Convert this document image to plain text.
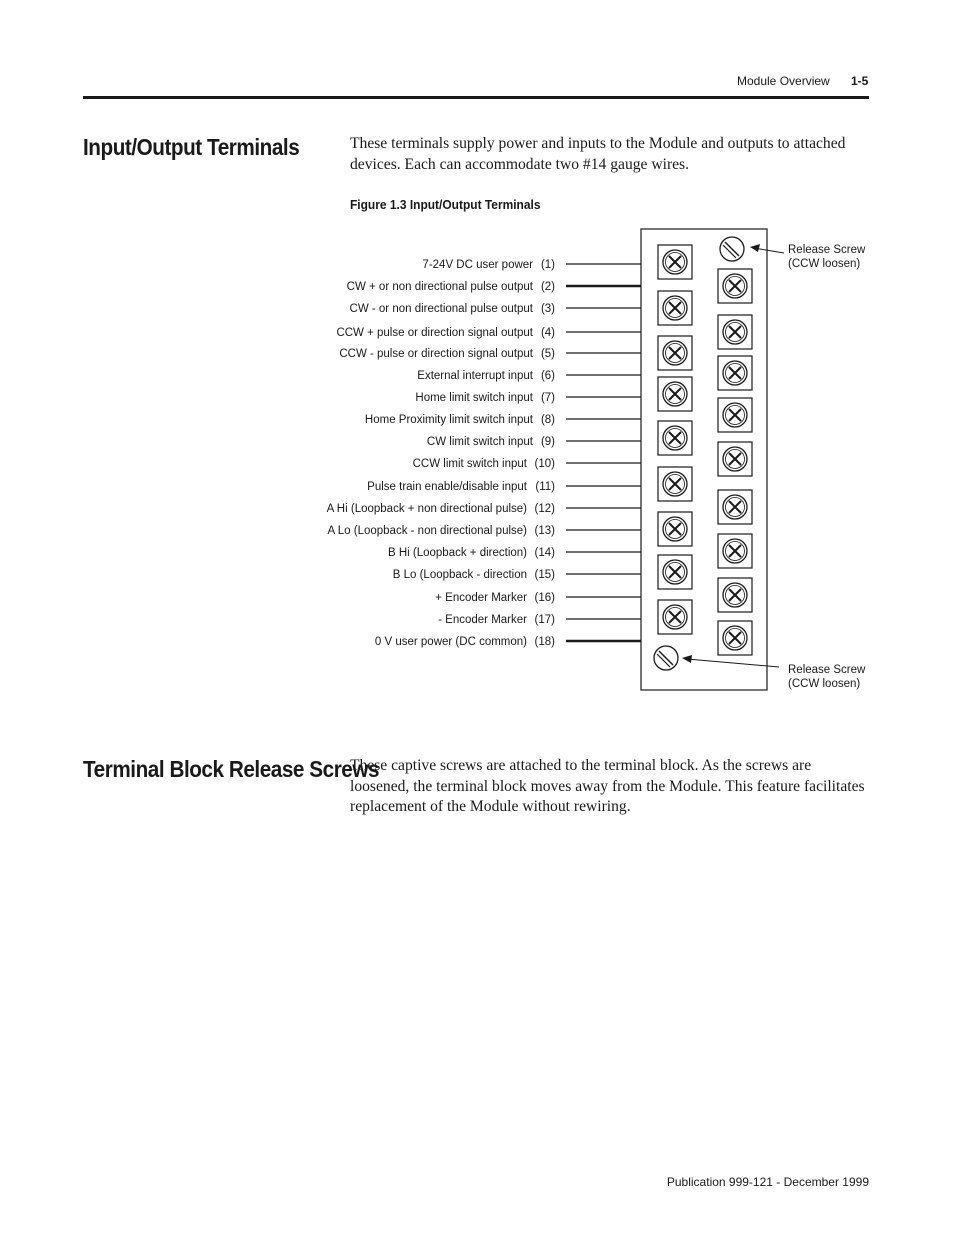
Module Overview 1-5
Input/Output Terminals	These terminals supply power and inputs to the Module and outputs to attached devices. Each can accommodate two #14 gauge wires.

Figure 1.3 Input/Output Terminals

7-24V DC user power (1)
CW + or non directional pulse output (2)
CW - or non directional pulse output (3)
CCW + pulse or direction signal output (4)
CCW - pulse or direction signal output (5)
External interrupt input (6)
Home limit switch input (7)
Home Proximity limit switch input (8)
CW limit switch input (9)
CCW limit switch input (10)
Pulse train enable/disable input (11)
A Hi (Loopback + non directional pulse) (12)
A Lo (Loopback - non directional pulse) (13)
B Hi (Loopback + direction) (14)
B Lo (Loopback - direction (15)
+ Encoder Marker (16)
- Encoder Marker (17)
0 V user power (DC common) (18)
Release Screw
(CCW loosen)
Release Screw
(CCW loosen)
Terminal Block Release Screws

These captive screws are attached to the terminal block. As the screws are loosened, the terminal block moves away from the Module. This feature facilitates replacement of the Module without rewiring.

Publication 999-121 - December 1999
